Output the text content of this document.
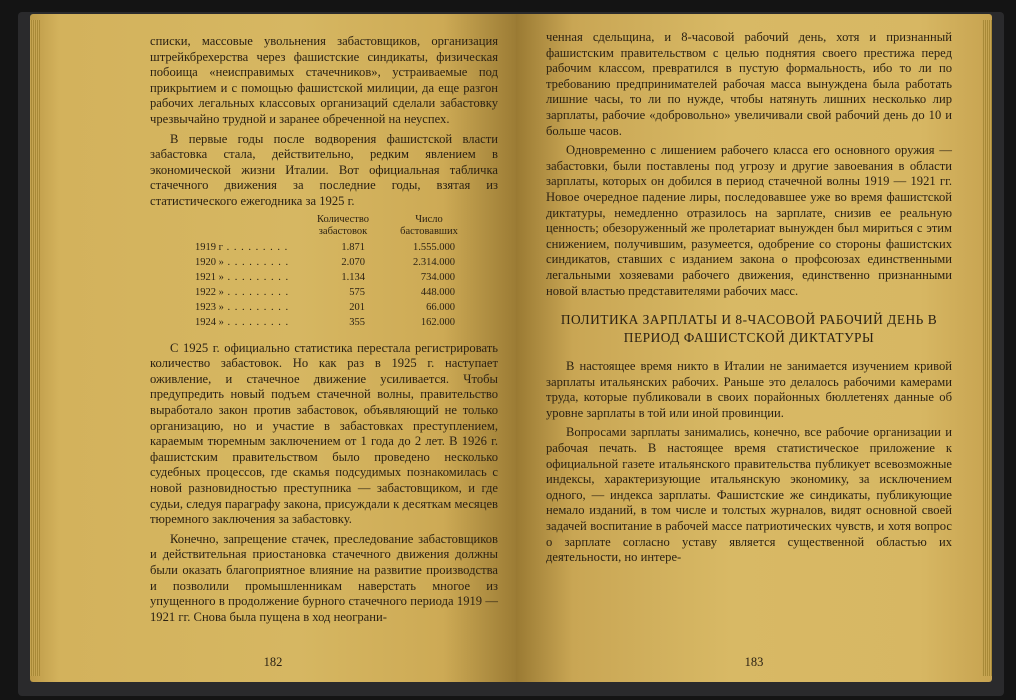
списки, массовые увольнения забастовщиков, организация штрейкбрехерства через фашистские синдикаты, физическая побоища «неисправимых стачечников», устраиваемые под прикрытием и с помощью фашистской милиции, да еще разгон рабочих легальных классовых организаций сделали забастовку чрезвычайно трудной и заранее обреченной на неуспех.

В первые годы после водворения фашистской власти забастовка стала, действительно, редким явлением в экономической жизни Италии. Вот официальная табличка стачечного движения за последние годы, взятая из статистического ежегодника за 1925 г.

Количество забастовок
Число бастовавших
1919 г . . .	1.871	1.555.000
1920 » . . .	2.070	2.314.000
1921 » . . .	1.134	734.000
1922 » . . .	575	448.000
1923 » . . .	201	66.000
1924 » . . .	355	162.000

С 1925 г. официально статистика перестала регистрировать количество забастовок. Но как раз в 1925 г. наступает оживление, и стачечное движение усиливается. Чтобы предупредить новый подъем стачечной волны, правительство выработало закон против забастовок, объявляющий не только организацию, но и участие в забастовках преступлением, караемым тюремным заключением от 1 года до 2 лет. В 1926 г. фашистским правительством было проведено несколько судебных процессов, где скамья подсудимых познакомилась с новой разновидностью преступника — забастовщиком, и где судьи, следуя параграфу закона, присуждали к десяткам месяцев тюремного заключения за забастовку.

Конечно, запрещение стачек, преследование забастовщиков и действительная приостановка стачечного движения должны были оказать благоприятное влияние на развитие производства и позволили промышленникам наверстать многое из упущенного в продолжение бурного стачечного периода 1919 — 1921 гг. Снова была пущена в ход неограни-

182

ченная сдельщина, и 8-часовой рабочий день, хотя и признанный фашистским правительством с целью поднятия своего престижа перед рабочим классом, превратился в пустую формальность, ибо то ли по требованию предпринимателей рабочая масса вынуждена была работать лишние часы, то ли по нужде, чтобы натянуть лишних несколько лир зарплаты, рабочие «добровольно» увеличивали свой рабочий день до 10 и больше часов.

Одновременно с лишением рабочего класса его основного оружия — забастовки, были поставлены под угрозу и другие завоевания в области зарплаты, которых он добился в период стачечной волны 1919 — 1921 гг. Новое очередное падение лиры, последовавшее уже во время фашистской диктатуры, немедленно отразилось на зарплате, снизив ее реальную ценность; обезоруженный же пролетариат вынужден был мириться с этим снижением, получившим, разумеется, одобрение со стороны фашистских синдикатов, ставших с изданием закона о профсоюзах единственными легальными хозяевами рабочего движения, единственно признанными новой властью представителями рабочих масс.

ПОЛИТИКА ЗАРПЛАТЫ И 8-ЧАСОВОЙ РАБОЧИЙ ДЕНЬ В ПЕРИОД ФАШИСТСКОЙ ДИКТАТУРЫ

В настоящее время никто в Италии не занимается изучением кривой зарплаты итальянских рабочих. Раньше это делалось рабочими камерами труда, которые публиковали в своих порайонных бюллетенях данные об уровне зарплаты в той или иной провинции.

Вопросами зарплаты занимались, конечно, все рабочие организации и рабочая печать. В настоящее время статистическое приложение к официальной газете итальянского правительства публикует всевозможные индексы, характеризующие итальянскую экономику, за исключением одного, — индекса зарплаты. Фашистские же синдикаты, публикующие немало изданий, в том числе и толстых журналов, видят основной своей задачей воспитание в рабочей массе патриотических чувств, и хотя вопрос о зарплате согласно уставу является существенной областью их деятельности, но интере-

183
